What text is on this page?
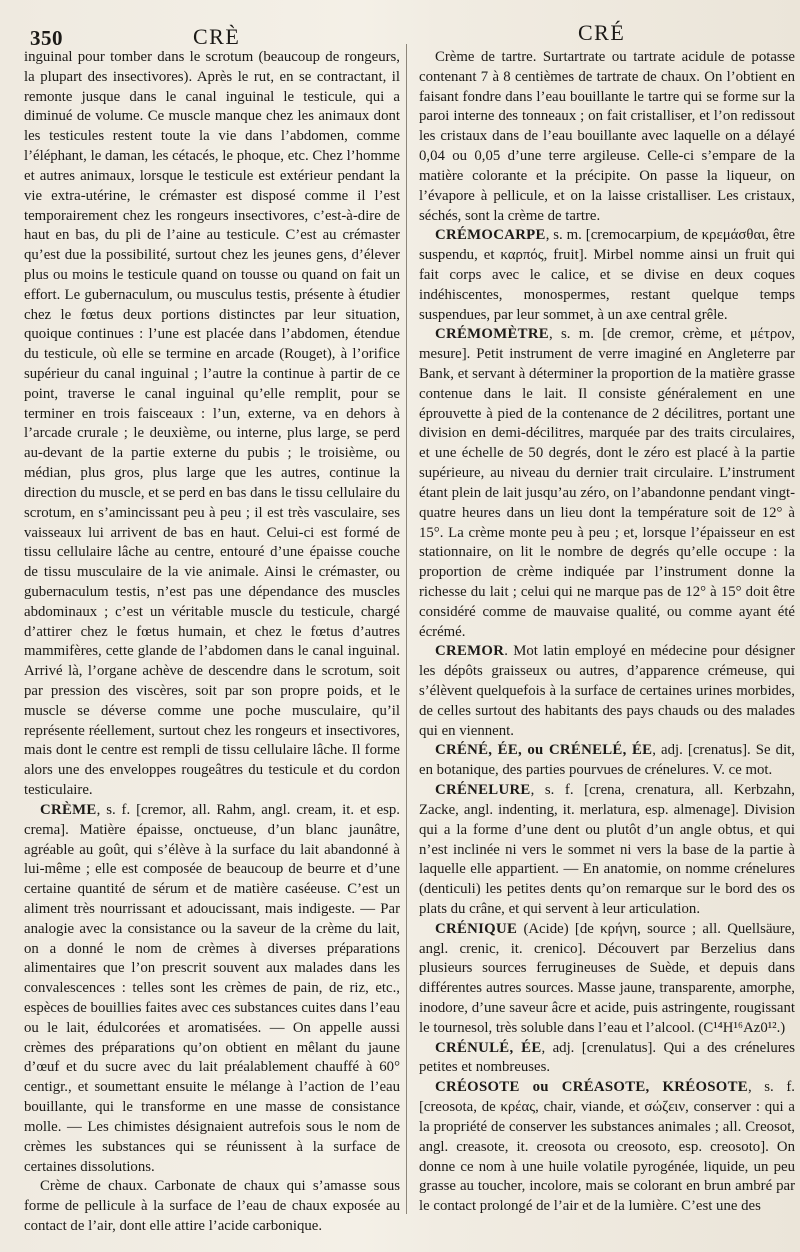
350	CRÈ	CRÉ

inguinal pour tomber dans le scrotum (beaucoup de rongeurs, la plupart des insectivores). Après le rut, en se contractant, il remonte jusque dans le canal inguinal le testicule, qui a diminué de volume. Ce muscle manque chez les animaux dont les testicules restent toute la vie dans l’abdomen, comme l’éléphant, le daman, les cétacés, le phoque, etc. Chez l’homme et autres animaux, lorsque le testicule est extérieur pendant la vie extra-utérine, le crémaster est disposé comme il l’est temporairement chez les rongeurs insectivores, c’est-à-dire de haut en bas, du pli de l’aine au testicule. C’est au crémaster qu’est due la possibilité, surtout chez les jeunes gens, d’élever plus ou moins le testicule quand on tousse ou quand on fait un effort. Le gubernaculum, ou musculus testis, présente à étudier chez le fœtus deux portions distinctes par leur situation, quoique continues : l’une est placée dans l’abdomen, étendue du testicule, où elle se termine en arcade (Rouget), à l’orifice supérieur du canal inguinal ; l’autre la continue à partir de ce point, traverse le canal inguinal qu’elle remplit, pour se terminer en trois faisceaux : l’un, externe, va en dehors à l’arcade crurale ; le deuxième, ou interne, plus large, se perd au-devant de la partie externe du pubis ; le troisième, ou médian, plus gros, plus large que les autres, continue la direction du muscle, et se perd en bas dans le tissu cellulaire du scrotum, en s’amincissant peu à peu ; il est très vasculaire, ses vaisseaux lui arrivent de bas en haut. Celui-ci est formé de tissu cellulaire lâche au centre, entouré d’une épaisse couche de tissu musculaire de la vie animale. Ainsi le crémaster, ou gubernaculum testis, n’est pas une dépendance des muscles abdominaux ; c’est un véritable muscle du testicule, chargé d’attirer chez le fœtus humain, et chez le fœtus d’autres mammifères, cette glande de l’abdomen dans le canal inguinal. Arrivé là, l’organe achève de descendre dans le scrotum, soit par pression des viscères, soit par son propre poids, et le muscle se déverse comme une poche musculaire, qu’il représente réellement, surtout chez les rongeurs et insectivores, mais dont le centre est rempli de tissu cellulaire lâche. Il forme alors une des enveloppes rougeâtres du testicule et du cordon testiculaire.

CRÈME, s. f. [cremor, all. Rahm, angl. cream, it. et esp. crema]. Matière épaisse, onctueuse, d’un blanc jaunâtre, agréable au goût, qui s’élève à la surface du lait abandonné à lui-même ; elle est composée de beaucoup de beurre et d’une certaine quantité de sérum et de matière caséeuse. C’est un aliment très nourrissant et adoucissant, mais indigeste. — Par analogie avec la consistance ou la saveur de la crème du lait, on a donné le nom de crèmes à diverses préparations alimentaires que l’on prescrit souvent aux malades dans les convalescences : telles sont les crèmes de pain, de riz, etc., espèces de bouillies faites avec ces substances cuites dans l’eau ou le lait, édulcorées et aromatisées. — On appelle aussi crèmes des préparations qu’on obtient en mêlant du jaune d’œuf et du sucre avec du lait préalablement chauffé à 60° centigr., et soumettant ensuite le mélange à l’action de l’eau bouillante, qui le transforme en une masse de consistance molle. — Les chimistes désignaient autrefois sous le nom de crèmes les substances qui se réunissent à la surface de certaines dissolutions.

Crème de chaux. Carbonate de chaux qui s’amasse sous forme de pellicule à la surface de l’eau de chaux exposée au contact de l’air, dont elle attire l’acide carbonique.

Crème de tartre. Surtartrate ou tartrate acidule de potasse contenant 7 à 8 centièmes de tartrate de chaux. On l’obtient en faisant fondre dans l’eau bouillante le tartre qui se forme sur la paroi interne des tonneaux ; on fait cristalliser, et l’on redissout les cristaux dans de l’eau bouillante avec laquelle on a délayé 0,04 ou 0,05 d’une terre argileuse. Celle-ci s’empare de la matière colorante et la précipite. On passe la liqueur, on l’évapore à pellicule, et on la laisse cristalliser. Les cristaux, séchés, sont la crème de tartre.

CRÉMOCARPE, s. m. [cremocarpium, de κρεμάσθαι, être suspendu, et καρπός, fruit]. Mirbel nomme ainsi un fruit qui fait corps avec le calice, et se divise en deux coques indéhiscentes, monospermes, restant quelque temps suspendues, par leur sommet, à un axe central grêle.

CRÉMOMÈTRE, s. m. [de cremor, crème, et μέτρον, mesure]. Petit instrument de verre imaginé en Angleterre par Bank, et servant à déterminer la proportion de la matière grasse contenue dans le lait. Il consiste généralement en une éprouvette à pied de la contenance de 2 décilitres, portant une division en demi-décilitres, marquée par des traits circulaires, et une échelle de 50 degrés, dont le zéro est placé à la partie supérieure, au niveau du dernier trait circulaire. L’instrument étant plein de lait jusqu’au zéro, on l’abandonne pendant vingt-quatre heures dans un lieu dont la température soit de 12° à 15°. La crème monte peu à peu ; et, lorsque l’épaisseur en est stationnaire, on lit le nombre de degrés qu’elle occupe : la proportion de crème indiquée par l’instrument donne la richesse du lait ; celui qui ne marque pas de 12° à 15° doit être considéré comme de mauvaise qualité, ou comme ayant été écrémé.

CREMOR. Mot latin employé en médecine pour désigner les dépôts graisseux ou autres, d’apparence crémeuse, qui s’élèvent quelquefois à la surface de certaines urines morbides, de celles surtout des habitants des pays chauds ou des malades qui en viennent.

CRÉNÉ, ÉE, ou CRÉNELÉ, ÉE, adj. [crenatus]. Se dit, en botanique, des parties pourvues de crénelures. V. ce mot.

CRÉNELURE, s. f. [crena, crenatura, all. Kerbzahn, Zacke, angl. indenting, it. merlatura, esp. almenage]. Division qui a la forme d’une dent ou plutôt d’un angle obtus, et qui n’est inclinée ni vers le sommet ni vers la base de la partie à laquelle elle appartient. — En anatomie, on nomme crénelures (denticuli) les petites dents qu’on remarque sur le bord des os plats du crâne, et qui servent à leur articulation.

CRÉNIQUE (Acide) [de κρήνη, source ; all. Quellsäure, angl. crenic, it. crenico]. Découvert par Berzelius dans plusieurs sources ferrugineuses de Suède, et depuis dans différentes autres sources. Masse jaune, transparente, amorphe, inodore, d’une saveur âcre et acide, puis astringente, rougissant le tournesol, très soluble dans l’eau et l’alcool. (C¹⁴H¹⁶Az0¹².)

CRÉNULÉ, ÉE, adj. [crenulatus]. Qui a des crénelures petites et nombreuses.

CRÉOSOTE ou CRÉASOTE, KRÉOSOTE, s. f. [creosota, de κρέας, chair, viande, et σώζειν, conserver : qui a la propriété de conserver les substances animales ; all. Creosot, angl. creasote, it. creosota ou creosoto, esp. creosoto]. On donne ce nom à une huile volatile pyrogénée, liquide, un peu grasse au toucher, incolore, mais se colorant en brun ambré par le contact prolongé de l’air et de la lumière. C’est une des
